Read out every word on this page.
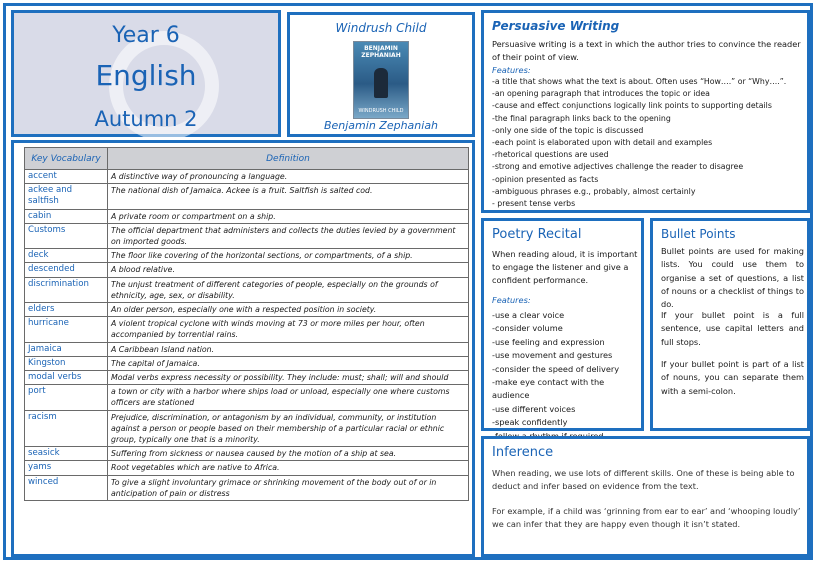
Year 6
English
Autumn 2
Windrush Child
BENJAMIN ZEPHANIAH
WINDRUSH CHILD
Benjamin Zephaniah
Persuasive Writing
Persuasive writing is a text in which the author tries to convince the reader of their point of view.
Features:
-a title that shows what the text is about. Often uses “How….” or “Why….”.
-an opening paragraph that introduces the topic or idea
-cause and effect conjunctions logically link points to supporting details
-the final paragraph links back to the opening
-only one side of the topic is discussed
-each point is elaborated upon with detail and examples
-rhetorical questions are used
-strong and emotive adjectives challenge the reader to disagree
-opinion presented as facts
-ambiguous phrases e.g., probably, almost certainly
- present tense verbs
Key Vocabulary	Definition
accent	A distinctive way of pronouncing a language.
ackee and saltfish	The national dish of Jamaica. Ackee is a fruit. Saltfish is salted cod.
cabin	A private room or compartment on a ship.
Customs	The official department that administers and collects the duties levied by a government on imported goods.
deck	The floor like covering of the horizontal sections, or compartments, of a ship.
descended	A blood relative.
discrimination	The unjust treatment of different categories of people, especially on the grounds of ethnicity, age, sex, or disability.
elders	An older person, especially one with a respected position in society.
hurricane	A violent tropical cyclone with winds moving at 73 or more miles per hour, often accompanied by torrential rains.
Jamaica	A Caribbean Island nation.
Kingston	The capital of Jamaica.
modal verbs	Modal verbs express necessity or possibility. They include: must; shall; will and should
port	a town or city with a harbor where ships load or unload, especially one where customs officers are stationed
racism	Prejudice, discrimination, or antagonism by an individual, community, or institution against a person or people based on their membership of a particular racial or ethnic group, typically one that is a minority.
seasick	Suffering from sickness or nausea caused by the motion of a ship at sea.
yams	Root vegetables which are native to Africa.
winced	To give a slight involuntary grimace or shrinking movement of the body out of or in anticipation of pain or distress
Poetry Recital
When reading aloud, it is important to engage the listener and give a confident performance.
Features:
-use a clear voice
-consider volume
-use feeling and expression
-use movement and gestures
-consider the speed of delivery
-make eye contact with the audience
-use different voices
-speak confidently
Bullet Points
Bullet points are used for making lists. You could use them to organise a set of questions, a list of nouns or a checklist of things to do.
If your bullet point is a full sentence, use capital letters and full stops.
If your bullet point is part of a list of nouns, you can separate them with a semi-colon.
Inference
When reading, we use lots of different skills. One of these is being able to deduct and infer based on evidence from the text.
For example, if a child was ‘grinning from ear to ear’ and ‘whooping loudly’ we can infer that they are happy even though it isn’t stated.
